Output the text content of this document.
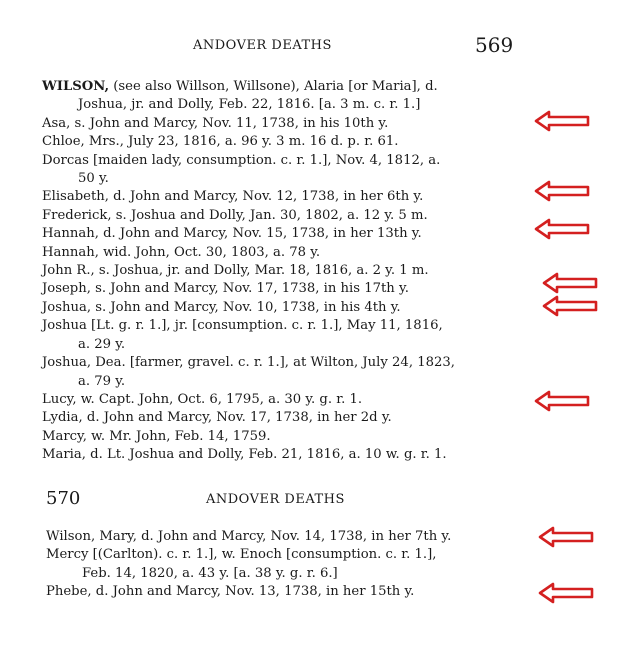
ANDOVER DEATHS	569
WILSON, (see also Willson, Willsone), Alaria [or Maria], d.
Joshua, jr. and Dolly, Feb. 22, 1816. [a. 3 m. c. r. 1.]
Asa, s. John and Marcy, Nov. 11, 1738, in his 10th y.
Chloe, Mrs., July 23, 1816, a. 96 y. 3 m. 16 d. p. r. 61.
Dorcas [maiden lady, consumption. c. r. 1.], Nov. 4, 1812, a.
50 y.
Elisabeth, d. John and Marcy, Nov. 12, 1738, in her 6th y.
Frederick, s. Joshua and Dolly, Jan. 30, 1802, a. 12 y. 5 m.
Hannah, d. John and Marcy, Nov. 15, 1738, in her 13th y.
Hannah, wid. John, Oct. 30, 1803, a. 78 y.
John R., s. Joshua, jr. and Dolly, Mar. 18, 1816, a. 2 y. 1 m.
Joseph, s. John and Marcy, Nov. 17, 1738, in his 17th y.
Joshua, s. John and Marcy, Nov. 10, 1738, in his 4th y.
Joshua [Lt. g. r. 1.], jr. [consumption. c. r. 1.], May 11, 1816,
a. 29 y.
Joshua, Dea. [farmer, gravel. c. r. 1.], at Wilton, July 24, 1823,
a. 79 y.
Lucy, w. Capt. John, Oct. 6, 1795, a. 30 y. g. r. 1.
Lydia, d. John and Marcy, Nov. 17, 1738, in her 2d y.
Marcy, w. Mr. John, Feb. 14, 1759.
Maria, d. Lt. Joshua and Dolly, Feb. 21, 1816, a. 10 w. g. r. 1.
570	ANDOVER DEATHS
Wilson, Mary, d. John and Marcy, Nov. 14, 1738, in her 7th y.
Mercy [(Carlton). c. r. 1.], w. Enoch [consumption. c. r. 1.],
Feb. 14, 1820, a. 43 y. [a. 38 y. g. r. 6.]
Phebe, d. John and Marcy, Nov. 13, 1738, in her 15th y.
